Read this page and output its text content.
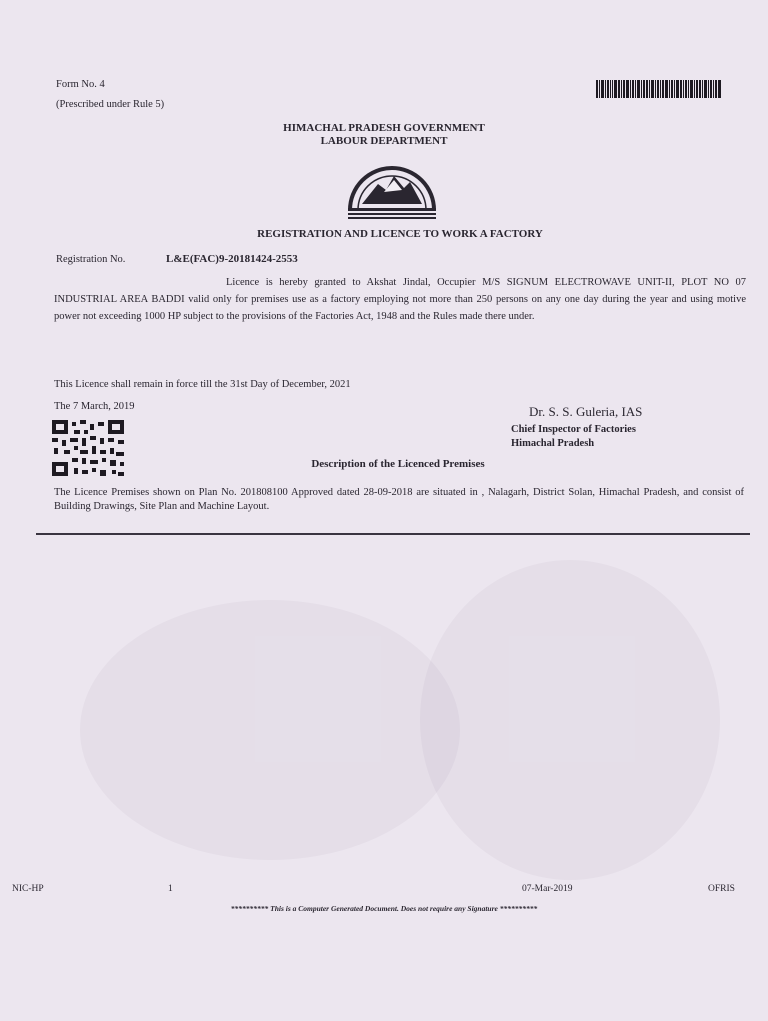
Form No. 4
(Prescribed under Rule 5)
HIMACHAL PRADESH GOVERNMENT
LABOUR DEPARTMENT
REGISTRATION AND LICENCE TO WORK A FACTORY
Registration No.	L&E(FAC)9-20181424-2553
Licence is hereby granted to Akshat Jindal, Occupier M/S SIGNUM ELECTROWAVE UNIT-II, PLOT NO 07 INDUSTRIAL AREA BADDI valid only for premises use as a factory employing not more than 250 persons on any one day during the year and using motive power not exceeding 1000 HP subject to the provisions of the Factories Act, 1948 and the Rules made there under.
This Licence shall remain in force till the 31st Day of December, 2021
The 7 March, 2019	Dr. S. S. Guleria, IAS
Chief Inspector of Factories
Himachal Pradesh
Description of the Licenced Premises
The Licence Premises shown on Plan No. 201808100 Approved dated 28-09-2018 are situated in , Nalagarh, District Solan, Himachal Pradesh, and consist of Building Drawings, Site Plan and Machine Layout.
NIC-HP	1	07-Mar-2019	OFRIS
********** This is a Computer Generated Document. Does not require any Signature **********
